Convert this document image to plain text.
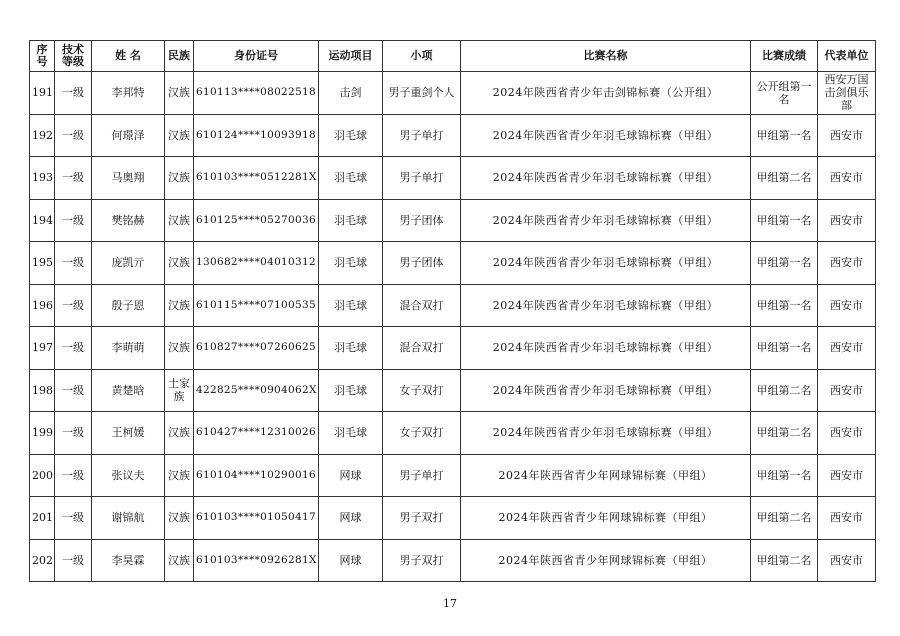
序号	技术等级	姓 名	民族	身份证号	运动项目	小项	比赛名称	比赛成绩	代表单位
191	一级	李邦特	汉族	610113****08022518	击剑	男子重剑个人	2024年陕西省青少年击剑锦标赛（公开组）	公开组第一名	西安万国击剑俱乐部
192	一级	何璟泽	汉族	610124****10093918	羽毛球	男子单打	2024年陕西省青少年羽毛球锦标赛（甲组）	甲组第一名	西安市
193	一级	马奥翔	汉族	610103****0512281X	羽毛球	男子单打	2024年陕西省青少年羽毛球锦标赛（甲组）	甲组第二名	西安市
194	一级	樊铭赫	汉族	610125****05270036	羽毛球	男子团体	2024年陕西省青少年羽毛球锦标赛（甲组）	甲组第一名	西安市
195	一级	庞凯亓	汉族	130682****04010312	羽毛球	男子团体	2024年陕西省青少年羽毛球锦标赛（甲组）	甲组第一名	西安市
196	一级	殷子恩	汉族	610115****07100535	羽毛球	混合双打	2024年陕西省青少年羽毛球锦标赛（甲组）	甲组第一名	西安市
197	一级	李萌萌	汉族	610827****07260625	羽毛球	混合双打	2024年陕西省青少年羽毛球锦标赛（甲组）	甲组第一名	西安市
198	一级	黄楚晗	土家族	422825****0904062X	羽毛球	女子双打	2024年陕西省青少年羽毛球锦标赛（甲组）	甲组第二名	西安市
199	一级	王柯媛	汉族	610427****12310026	羽毛球	女子双打	2024年陕西省青少年羽毛球锦标赛（甲组）	甲组第二名	西安市
200	一级	张议夫	汉族	610104****10290016	网球	男子单打	2024年陕西省青少年网球锦标赛（甲组）	甲组第一名	西安市
201	一级	谢锦航	汉族	610103****01050417	网球	男子双打	2024年陕西省青少年网球锦标赛（甲组）	甲组第二名	西安市
202	一级	李昊霖	汉族	610103****0926281X	网球	男子双打	2024年陕西省青少年网球锦标赛（甲组）	甲组第二名	西安市
17
